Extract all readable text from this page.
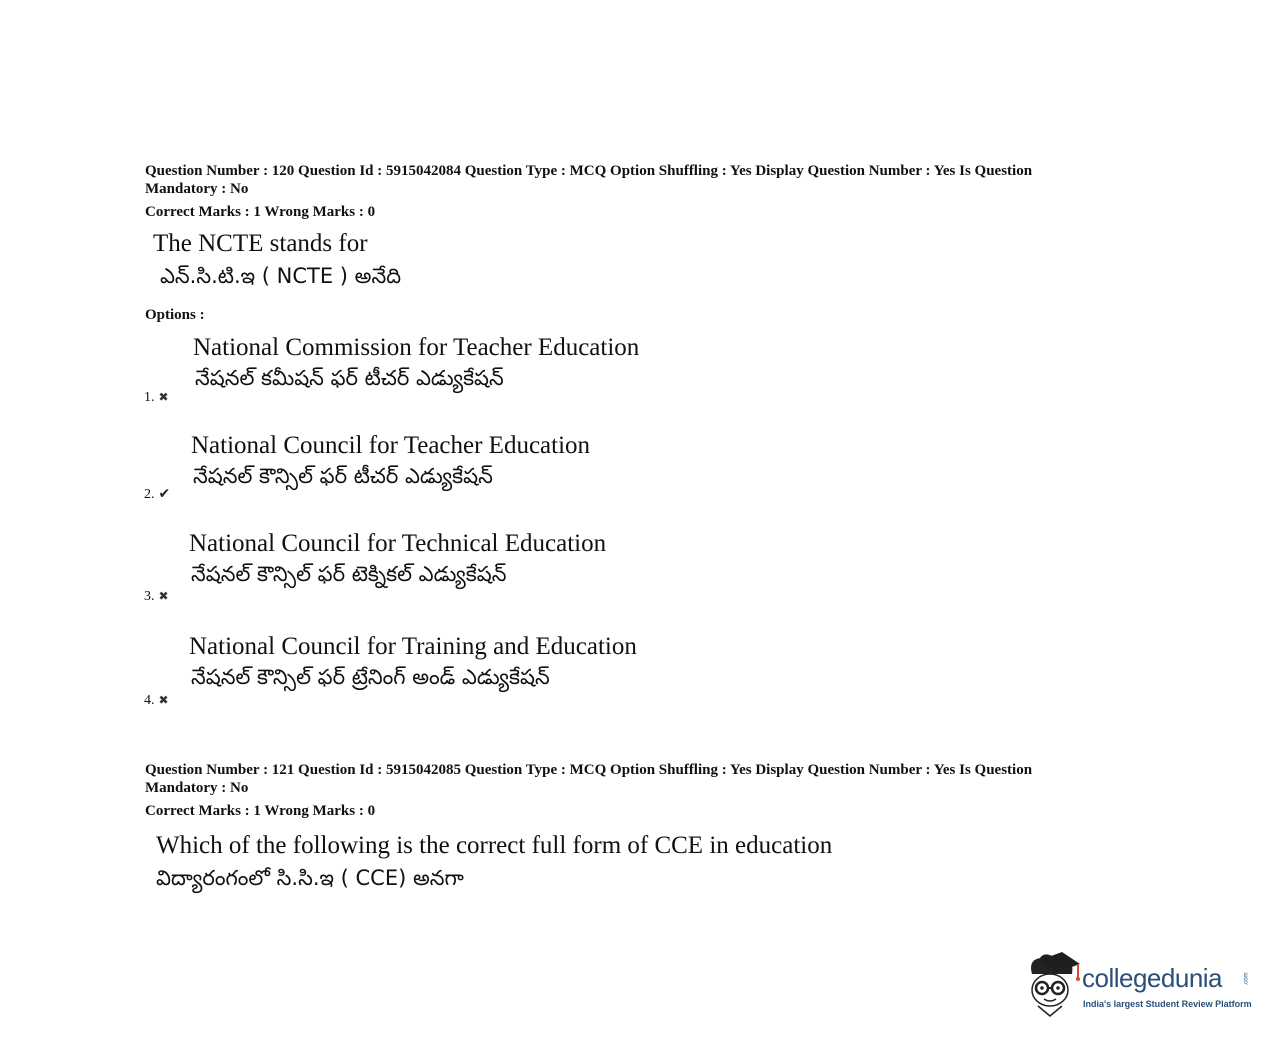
Question Number : 120 Question Id : 5915042084 Question Type : MCQ Option Shuffling : Yes Display Question Number : Yes Is Question
Mandatory : No
Correct Marks : 1 Wrong Marks : 0
The NCTE stands for
ఎన్.సి.టి.ఇ ( NCTE ) అనేది
Options :
National Commission for Teacher Education
నేషనల్ కమీషన్ ఫర్ టీచర్ ఎడ్యుకేషన్
1. ✖
National Council for Teacher Education
నేషనల్ కౌన్సిల్ ఫర్ టీచర్ ఎడ్యుకేషన్
2. ✔
National Council for Technical Education
నేషనల్ కౌన్సిల్ ఫర్ టెక్నికల్ ఎడ్యుకేషన్
3. ✖
National Council for Training and Education
నేషనల్ కౌన్సిల్ ఫర్ ట్రేనింగ్ అండ్ ఎడ్యుకేషన్
4. ✖
Question Number : 121 Question Id : 5915042085 Question Type : MCQ Option Shuffling : Yes Display Question Number : Yes Is Question
Mandatory : No
Correct Marks : 1 Wrong Marks : 0
Which of the following is the correct full form of CCE in education
విద్యారంగంలో సి.సి.ఇ ( CCE) అనగా
collegedunia	.com
India's largest Student Review Platform
